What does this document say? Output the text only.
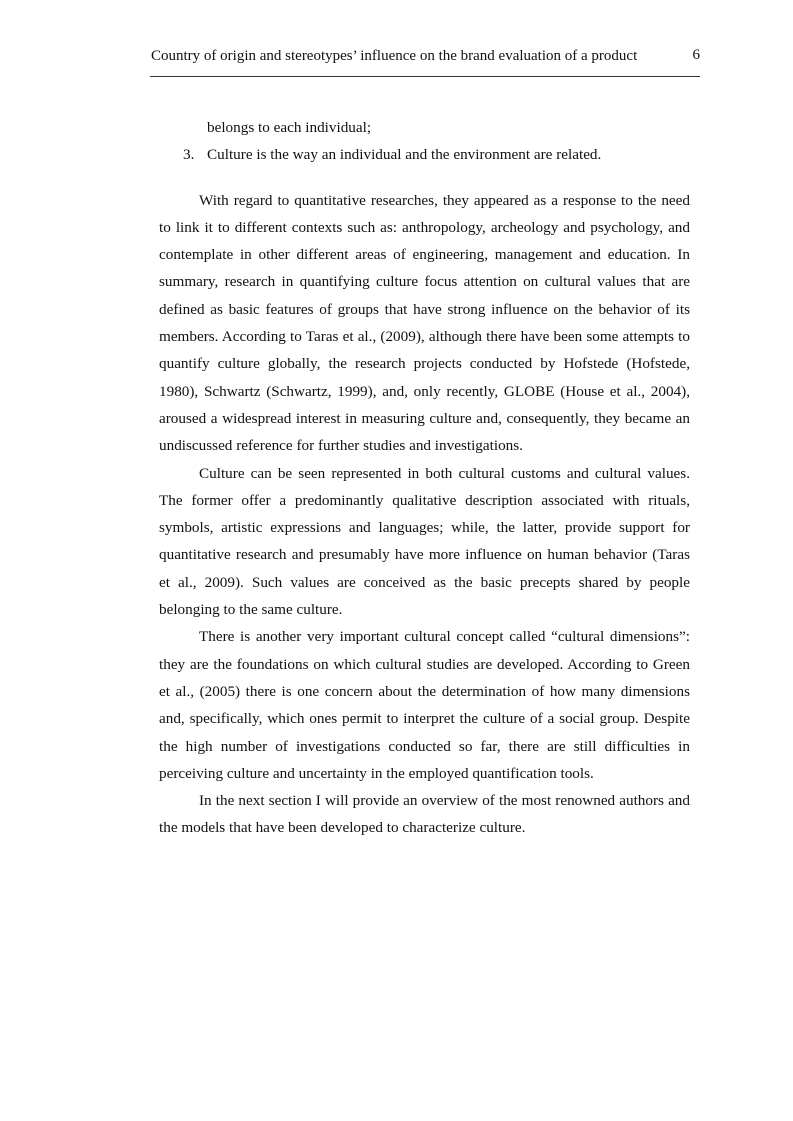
Country of origin and stereotypes’ influence on the brand evaluation of a product	6

belongs to each individual;

3. Culture is the way an individual and the environment are related.

With regard to quantitative researches, they appeared as a response to the need to link it to different contexts such as: anthropology, archeology and psychology, and contemplate in other different areas of engineering, management and education. In summary, research in quantifying culture focus attention on cultural values that are defined as basic features of groups that have strong influence on the behavior of its members. According to Taras et al., (2009), although there have been some attempts to quantify culture globally, the research projects conducted by Hofstede (Hofstede, 1980), Schwartz (Schwartz, 1999), and, only recently, GLOBE (House et al., 2004), aroused a widespread interest in measuring culture and, consequently, they became an undiscussed reference for further studies and investigations.

Culture can be seen represented in both cultural customs and cultural values. The former offer a predominantly qualitative description associated with rituals, symbols, artistic expressions and languages; while, the latter, provide support for quantitative research and presumably have more influence on human behavior (Taras et al., 2009). Such values are conceived as the basic precepts shared by people belonging to the same culture.

There is another very important cultural concept called “cultural dimensions”: they are the foundations on which cultural studies are developed. According to Green et al., (2005) there is one concern about the determination of how many dimensions and, specifically, which ones permit to interpret the culture of a social group. Despite the high number of investigations conducted so far, there are still difficulties in perceiving culture and uncertainty in the employed quantification tools.

In the next section I will provide an overview of the most renowned authors and the models that have been developed to characterize culture.
